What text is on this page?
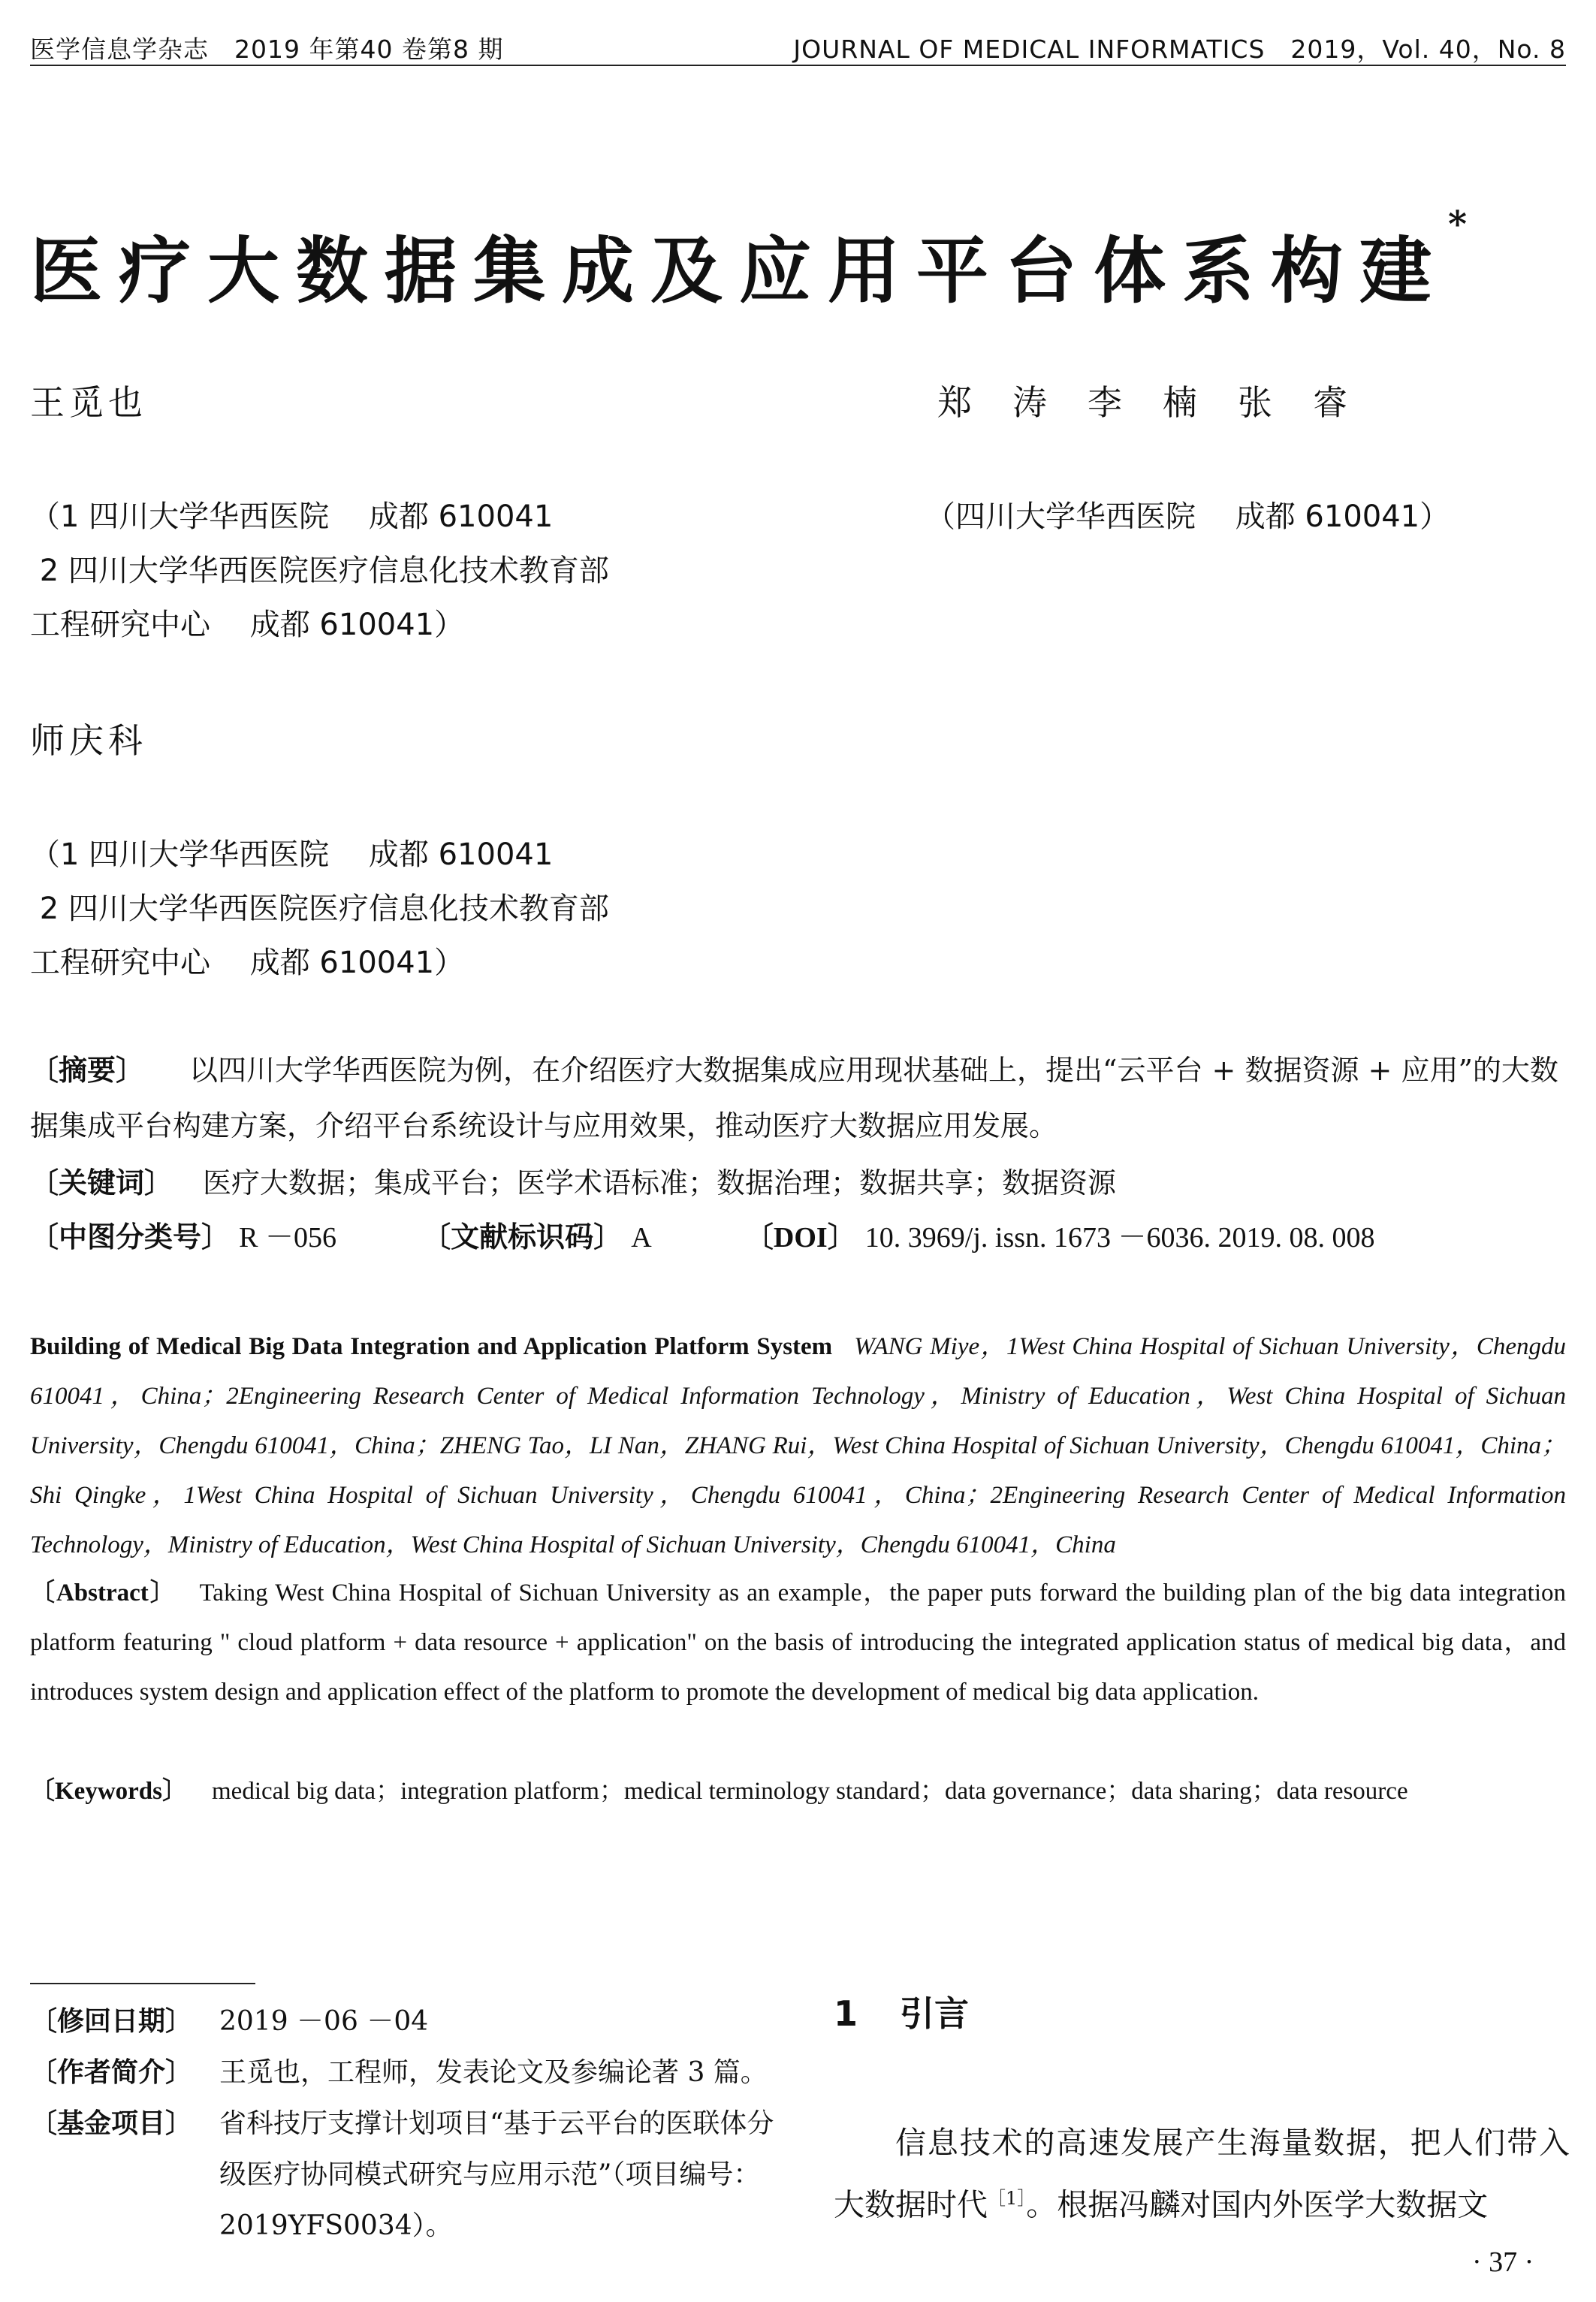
医学信息学杂志　2019 年第40 卷第8 期	JOURNAL OF MEDICAL INFORMATICS　2019，Vol. 40，No. 8
医疗大数据集成及应用平台体系构建*
王觅也	郑 涛 李 楠 张 睿
（1 四川大学华西医院　 成都 610041
2 四川大学华西医院医疗信息化技术教育部
工程研究中心　 成都 610041）
（四川大学华西医院　 成都 610041）
师庆科
（1 四川大学华西医院　 成都 610041
2 四川大学华西医院医疗信息化技术教育部
工程研究中心　 成都 610041）
〔摘要〕 以四川大学华西医院为例，在介绍医疗大数据集成应用现状基础上，提出“云平台 + 数据资源 + 应用”的大数据集成平台构建方案，介绍平台系统设计与应用效果，推动医疗大数据应用发展。
〔关键词〕 医疗大数据；集成平台；医学术语标准；数据治理；数据共享；数据资源
〔中图分类号〕 R －056	〔文献标识码〕 A	〔DOI〕 10. 3969/j. issn. 1673 －6036. 2019. 08. 008
Building of Medical Big Data Integration and Application Platform System WANG Miye，1West China Hospital of Sichuan University，Chengdu 610041，China；2Engineering Research Center of Medical Information Technology，Ministry of Education，West China Hospital of Sichuan University，Chengdu 610041，China；ZHENG Tao，LI Nan，ZHANG Rui，West China Hospital of Sichuan University，Chengdu 610041，China；Shi Qingke，1West China Hospital of Sichuan University，Chengdu 610041，China；2Engineering Research Center of Medical Information Technology，Ministry of Education，West China Hospital of Sichuan University，Chengdu 610041，China
〔Abstract〕 Taking West China Hospital of Sichuan University as an example，the paper puts forward the building plan of the big data integration platform featuring " cloud platform + data resource + application" on the basis of introducing the integrated application status of medical big data，and introduces system design and application effect of the platform to promote the development of medical big data application.
〔Keywords〕 medical big data；integration platform；medical terminology standard；data governance；data sharing；data resource
〔修回日期〕 2019 －06 －04
〔作者简介〕 王觅也，工程师，发表论文及参编论著 3 篇。
〔基金项目〕 省科技厅支撑计划项目“基于云平台的医联体分级医疗协同模式研究与应用示范”（项目编号：2019YFS0034）。
1 引言
信息技术的高速发展产生海量数据，把人们带入大数据时代$^{[1]}$。根据冯麟对国内外医学大数据文
· 37 ·
